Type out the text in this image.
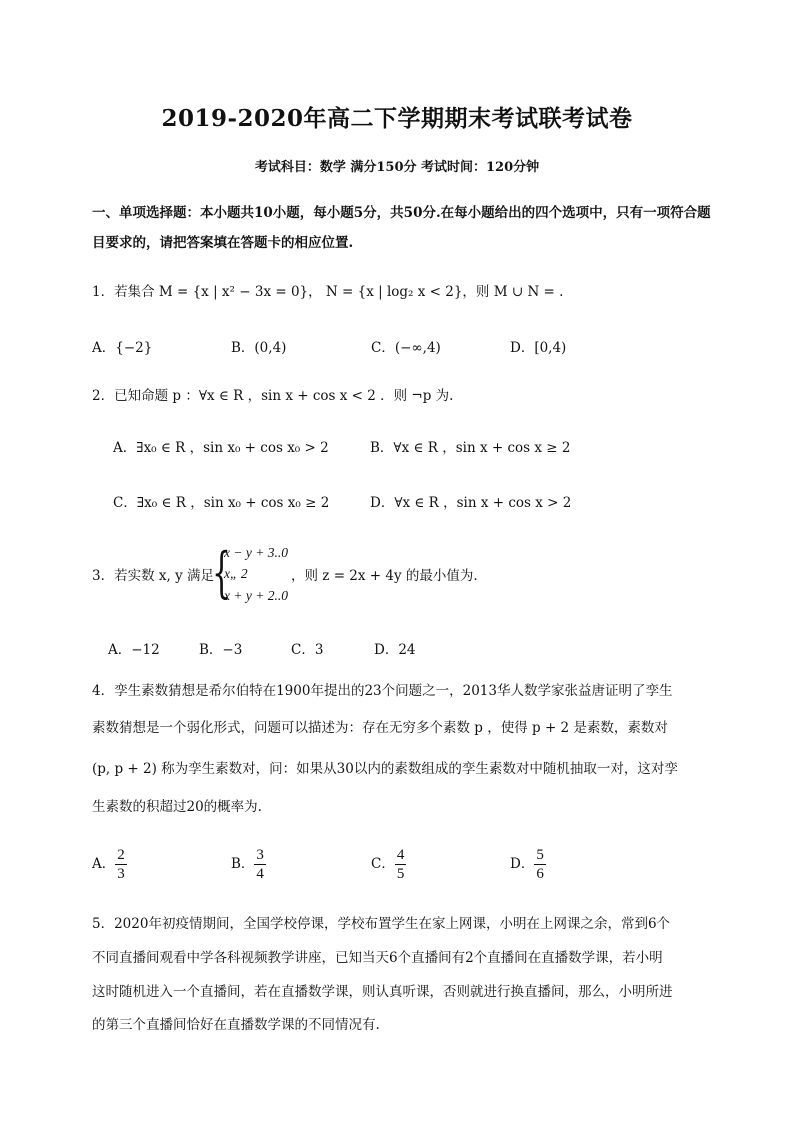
2019-2020年高二下学期期末考试联考试卷
考试科目：数学 满分150分 考试时间：120分钟
一、单项选择题：本小题共10小题，每小题5分，共50分.在每小题给出的四个选项中，只有一项符合题目要求的，请把答案填在答题卡的相应位置.
1．若集合 M = {x | x² − 3x = 0}， N = {x | log₂ x < 2}，则 M ∪ N = .
A．{−2}	B．(0,4)	C．(−∞,4)	D．[0,4)
2．已知命题 p ：∀x ∈ R ，sin x + cos x < 2 ．则 ¬p 为.
A．∃x₀ ∈ R ，sin x₀ + cos x₀ > 2	B．∀x ∈ R ，sin x + cos x ≥ 2
C．∃x₀ ∈ R ，sin x₀ + cos x₀ ≥ 2	D．∀x ∈ R ，sin x + cos x > 2
3．若实数 x, y 满足
{
x − y + 3..0
x„ 2
x + y + 2..0
，则 z = 2x + 4y 的最小值为.
A．−12	B．−3	C．3	D．24
4．孪生素数猜想是希尔伯特在1900年提出的23个问题之一，2013华人数学家张益唐证明了孪生
素数猜想是一个弱化形式，问题可以描述为：存在无穷多个素数 p ，使得 p + 2 是素数，素数对
(p, p + 2) 称为孪生素数对，问：如果从30以内的素数组成的孪生素数对中随机抽取一对，这对孪
生素数的积超过20的概率为.
A． $\frac{2}{3}$	B． $\frac{3}{4}$	C． $\frac{4}{5}$	D． $\frac{5}{6}$
5．2020年初疫情期间，全国学校停课，学校布置学生在家上网课，小明在上网课之余，常到6个
不同直播间观看中学各科视频教学讲座，已知当天6个直播间有2个直播间在直播数学课，若小明
这时随机进入一个直播间，若在直播数学课，则认真听课，否则就进行换直播间，那么，小明所进
的第三个直播间恰好在直播数学课的不同情况有.
